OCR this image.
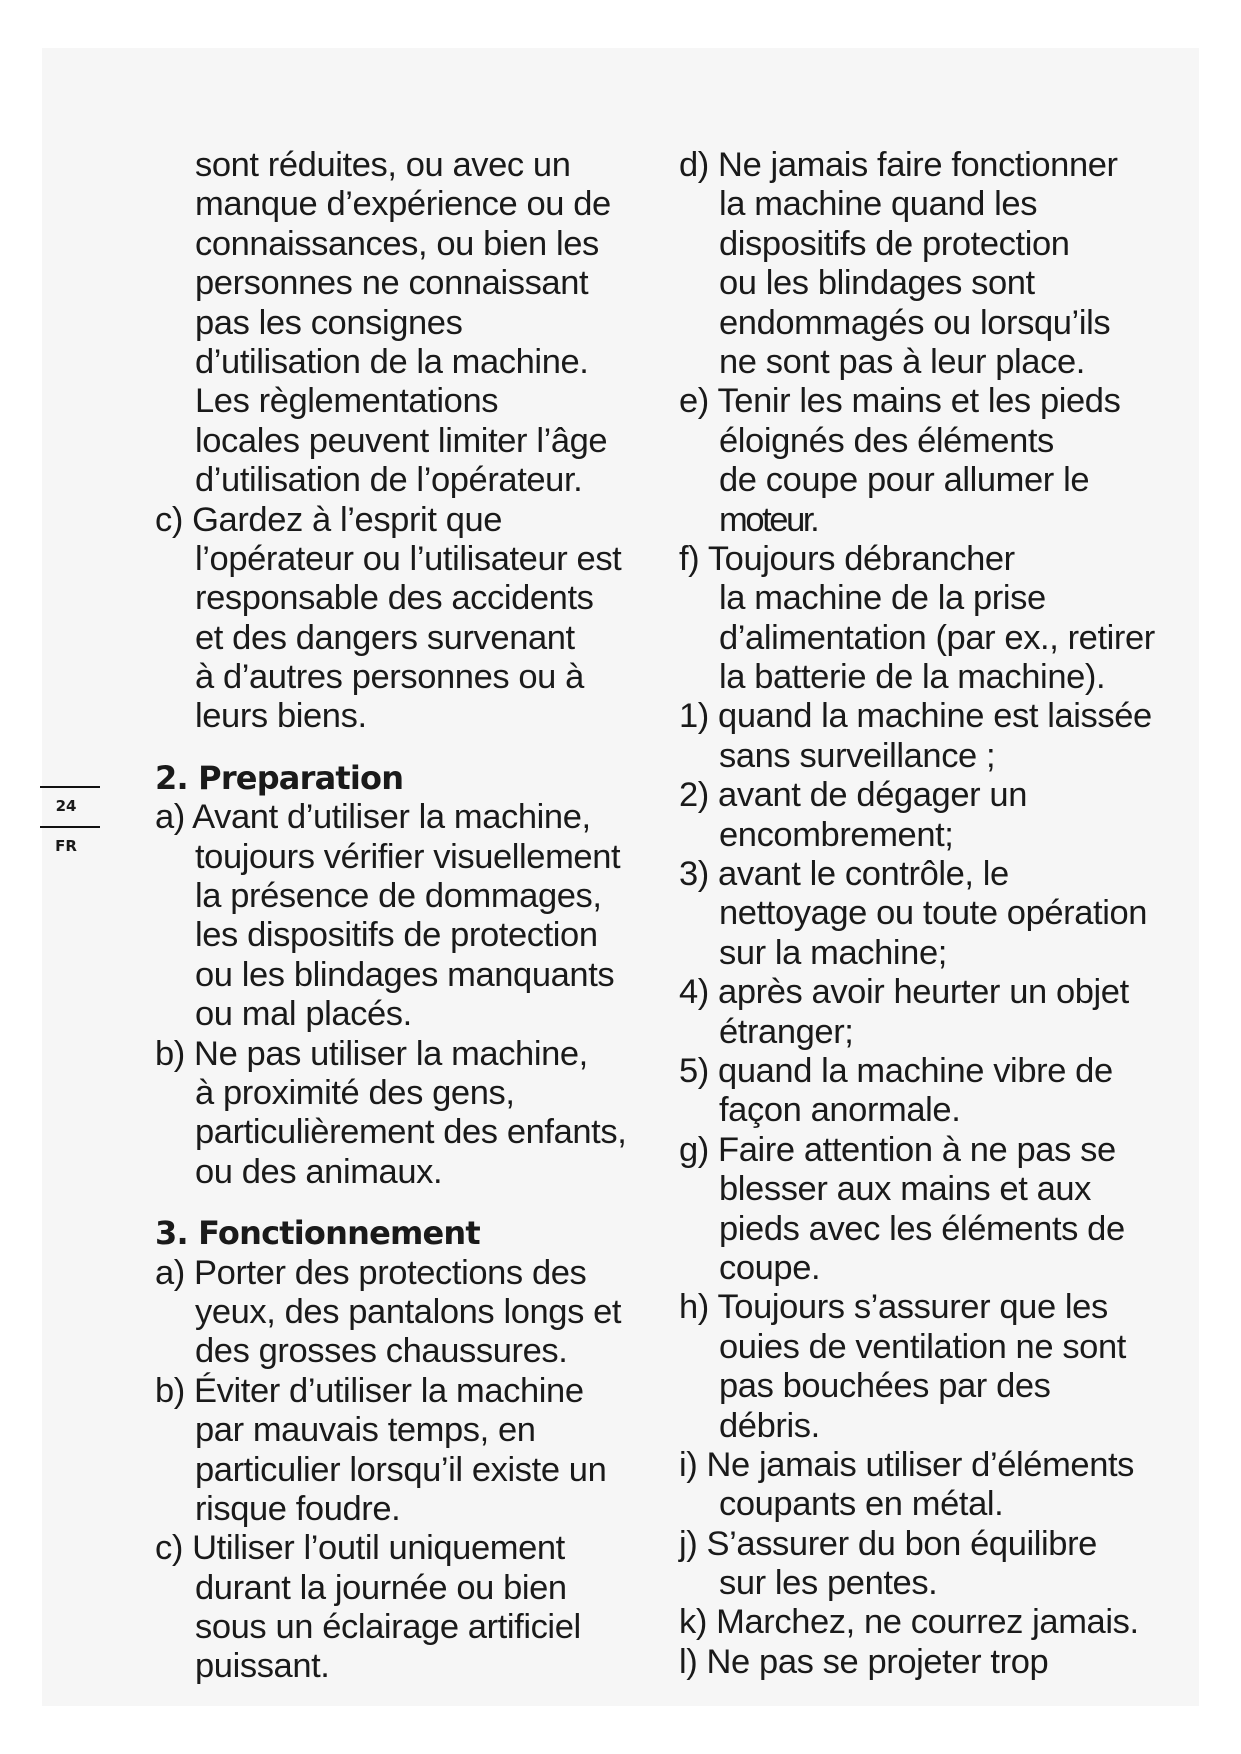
sont réduites, ou avec un
manque d’expérience ou de
connaissances, ou bien les
personnes ne connaissant
pas les consignes
d’utilisation de la machine.
Les règlementations
locales peuvent limiter l’âge
d’utilisation de l’opérateur.
c) Gardez à l’esprit que
l’opérateur ou l’utilisateur est
responsable des accidents
et des dangers survenant
à d’autres personnes ou à
leurs biens.
2. Preparation
a) Avant d’utiliser la machine,
toujours vérifier visuellement
la présence de dommages,
les dispositifs de protection
ou les blindages manquants
ou mal placés.
b) Ne pas utiliser la machine,
à proximité des gens,
particulièrement des enfants,
ou des animaux.
3. Fonctionnement
a) Porter des protections des
yeux, des pantalons longs et
des grosses chaussures.
b) Éviter d’utiliser la machine
par mauvais temps, en
particulier lorsqu’il existe un
risque foudre.
c) Utiliser l’outil uniquement
durant la journée ou bien
sous un éclairage artificiel
puissant.
d) Ne jamais faire fonctionner
la machine quand les
dispositifs de protection
ou les blindages sont
endommagés ou lorsqu’ils
ne sont pas à leur place.
e) Tenir les mains et les pieds
éloignés des éléments
de coupe pour allumer le
moteur.
f) Toujours débrancher
la machine de la prise
d’alimentation (par ex., retirer
la batterie de la machine).
1) quand la machine est laissée
sans surveillance ;
2) avant de dégager un
encombrement;
3) avant le contrôle, le
nettoyage ou toute opération
sur la machine;
4) après avoir heurter un objet
étranger;
5) quand la machine vibre de
façon anormale.
g) Faire attention à ne pas se
blesser aux mains et aux
pieds avec les éléments de
coupe.
h) Toujours s’assurer que les
ouies de ventilation ne sont
pas bouchées par des
débris.
i) Ne jamais utiliser d’éléments
coupants en métal.
j) S’assurer du bon équilibre
sur les pentes.
k) Marchez, ne courrez jamais.
l) Ne pas se projeter trop
24
FR
